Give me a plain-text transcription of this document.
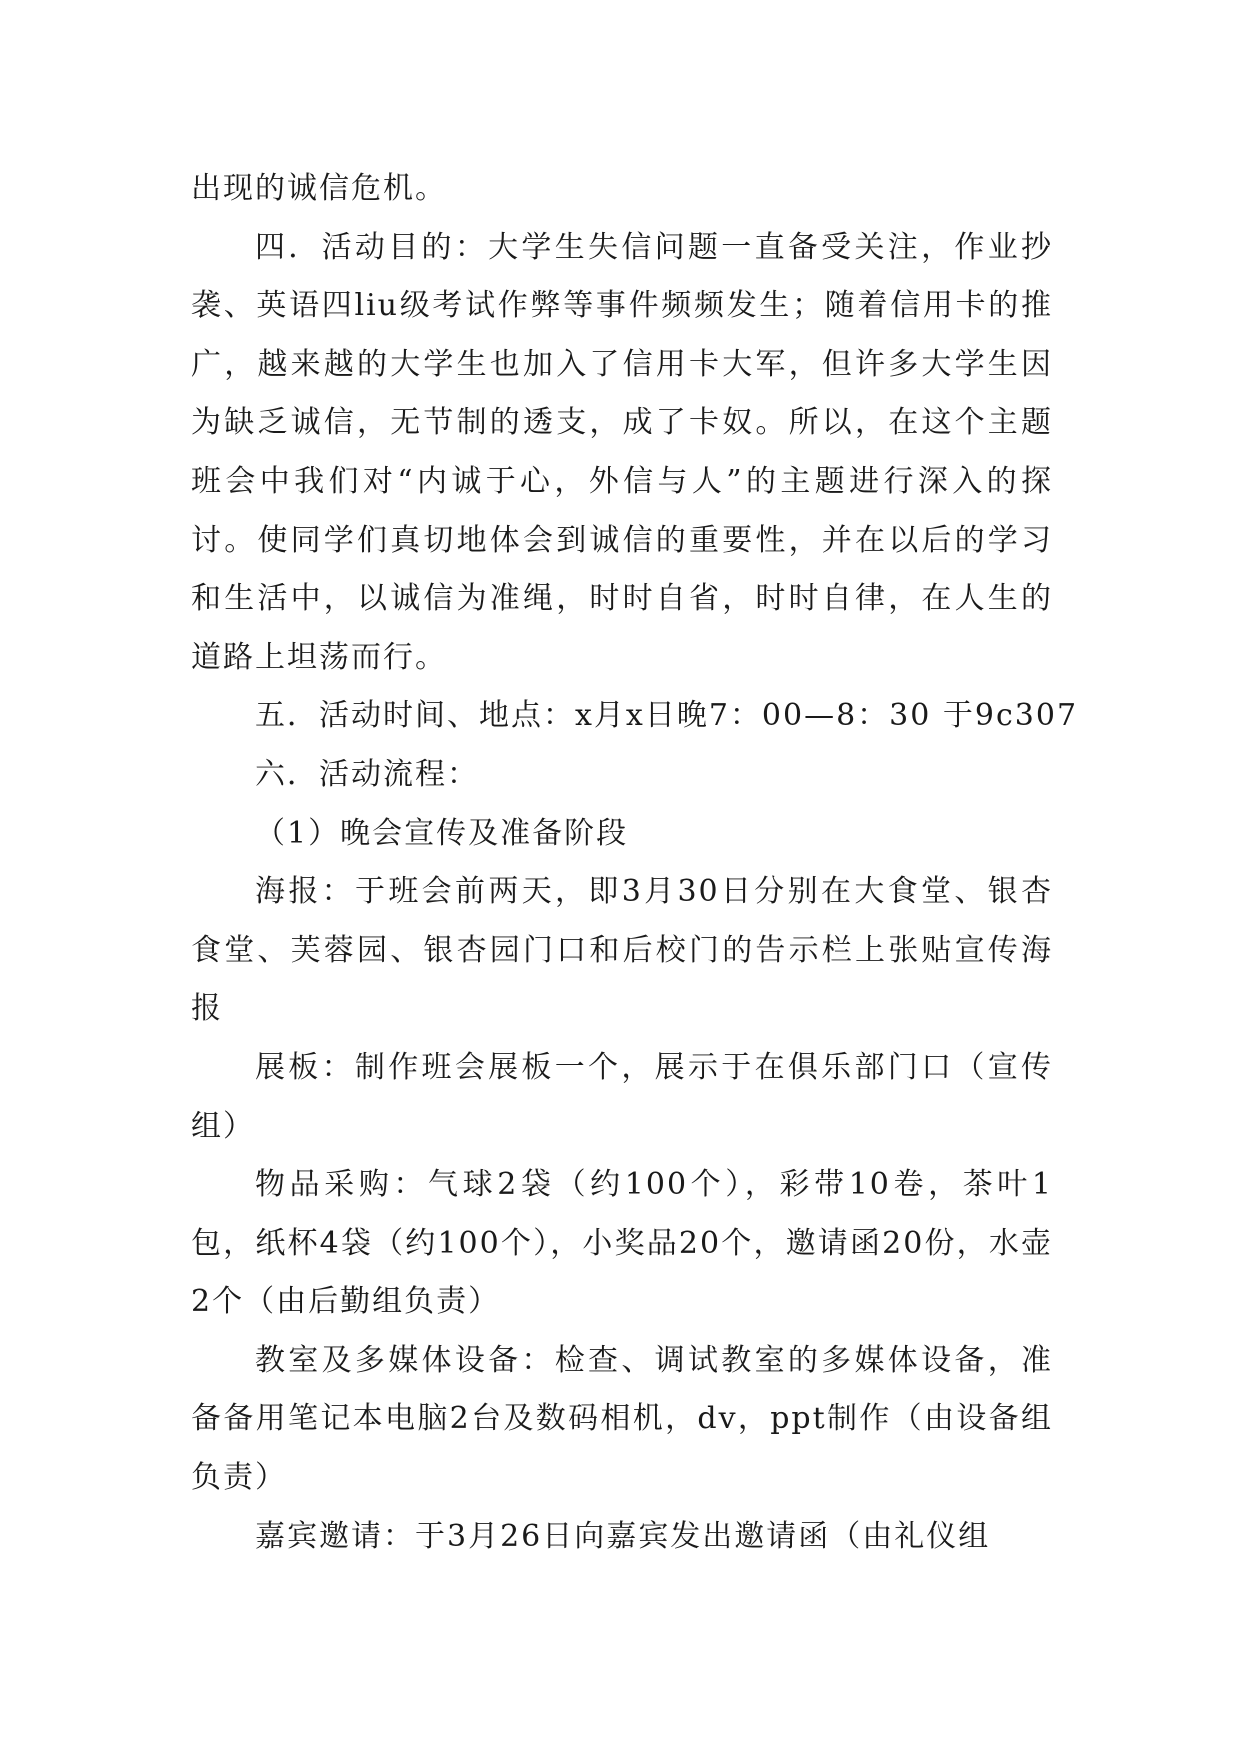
出现的诚信危机。

四．活动目的：大学生失信问题一直备受关注，作业抄袭、英语四liu级考试作弊等事件频频发生；随着信用卡的推广，越来越的大学生也加入了信用卡大军，但许多大学生因为缺乏诚信，无节制的透支，成了卡奴。所以，在这个主题班会中我们对“内诚于心，外信与人”的主题进行深入的探讨。使同学们真切地体会到诚信的重要性，并在以后的学习和生活中，以诚信为准绳，时时自省，时时自律，在人生的道路上坦荡而行。

五．活动时间、地点：x月x日晚7：00—8：30 于9c307

六．活动流程：

（1）晚会宣传及准备阶段

海报：于班会前两天，即3月30日分别在大食堂、银杏食堂、芙蓉园、银杏园门口和后校门的告示栏上张贴宣传海报

展板：制作班会展板一个，展示于在俱乐部门口（宣传组）

物品采购：气球2袋（约100个），彩带10卷，茶叶1包，纸杯4袋（约100个），小奖品20个，邀请函20份，水壶2个（由后勤组负责）

教室及多媒体设备：检查、调试教室的多媒体设备，准备备用笔记本电脑2台及数码相机，dv，ppt制作（由设备组负责）

嘉宾邀请：于3月26日向嘉宾发出邀请函（由礼仪组
